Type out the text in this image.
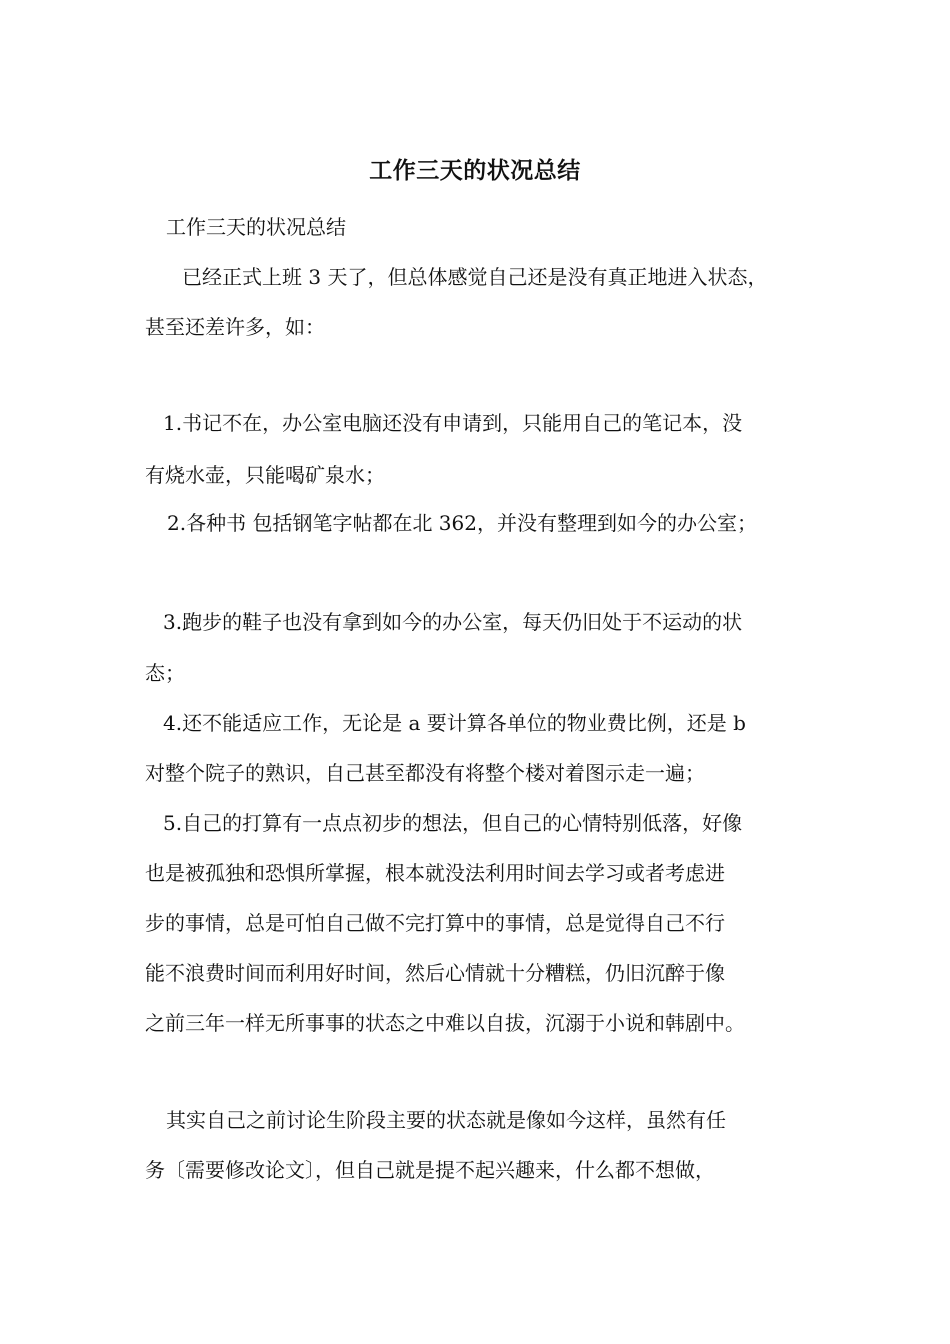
工作三天的状况总结

工作三天的状况总结

已经正式上班 3 天了，但总体感觉自己还是没有真正地进入状态，

甚至还差许多，如：

1.书记不在，办公室电脑还没有申请到，只能用自己的笔记本，没

有烧水壶，只能喝矿泉水；

2.各种书 包括钢笔字帖都在北 362，并没有整理到如今的办公室；

3.跑步的鞋子也没有拿到如今的办公室，每天仍旧处于不运动的状

态；

4.还不能适应工作，无论是 a 要计算各单位的物业费比例，还是 b

对整个院子的熟识，自己甚至都没有将整个楼对着图示走一遍；

5.自己的打算有一点点初步的想法，但自己的心情特别低落，好像

也是被孤独和恐惧所掌握，根本就没法利用时间去学习或者考虑进

步的事情，总是可怕自己做不完打算中的事情，总是觉得自己不行

能不浪费时间而利用好时间，然后心情就十分糟糕，仍旧沉醉于像

之前三年一样无所事事的状态之中难以自拔，沉溺于小说和韩剧中。

其实自己之前讨论生阶段主要的状态就是像如今这样，虽然有任

务〔需要修改论文〕，但自己就是提不起兴趣来，什么都不想做，
